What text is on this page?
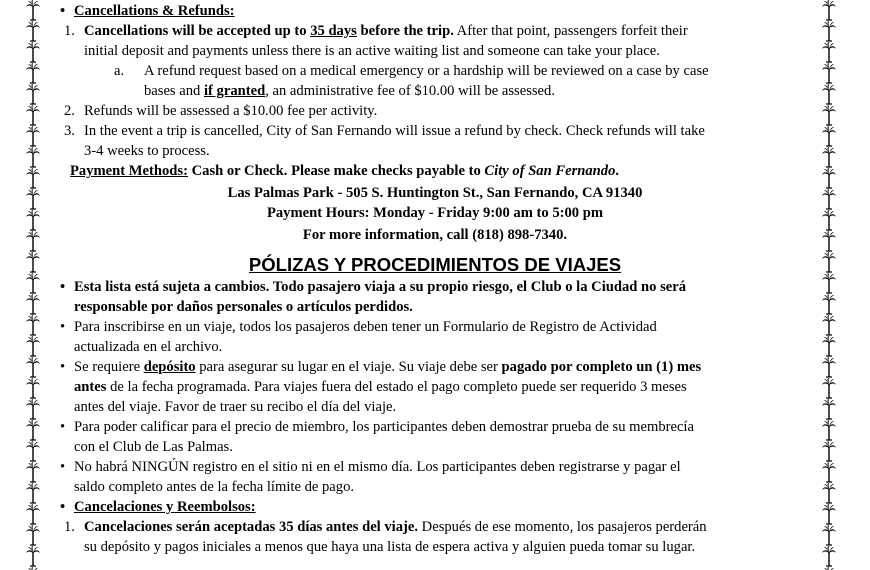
• Cancellations & Refunds:
1. Cancellations will be accepted up to 35 days before the trip. After that point, passengers forfeit their
initial deposit and payments unless there is an active waiting list and someone can take your place.
a. A refund request based on a medical emergency or a hardship will be reviewed on a case by case
bases and if granted, an administrative fee of $10.00 will be assessed.
2. Refunds will be assessed a $10.00 fee per activity.
3. In the event a trip is cancelled, City of San Fernando will issue a refund by check. Check refunds will take
3-4 weeks to process.
Payment Methods: Cash or Check. Please make checks payable to City of San Fernando.
Las Palmas Park - 505 S. Huntington St., San Fernando, CA 91340
Payment Hours: Monday - Friday 9:00 am to 5:00 pm
For more information, call (818) 898-7340.
PÓLIZAS Y PROCEDIMIENTOS DE VIAJES
• Esta lista está sujeta a cambios. Todo pasajero viaja a su propio riesgo, el Club o la Ciudad no será
responsable por daños personales o artículos perdidos.
• Para inscribirse en un viaje, todos los pasajeros deben tener un Formulario de Registro de Actividad
actualizada en el archivo.
• Se requiere depósito para asegurar su lugar en el viaje. Su viaje debe ser pagado por completo un (1) mes
antes de la fecha programada. Para viajes fuera del estado el pago completo puede ser requerido 3 meses
antes del viaje. Favor de traer su recibo el día del viaje.
• Para poder calificar para el precio de miembro, los participantes deben demostrar prueba de su membrecía
con el Club de Las Palmas.
• No habrá NINGÚN registro en el sitio ni en el mismo día. Los participantes deben registrarse y pagar el
saldo completo antes de la fecha límite de pago.
• Cancelaciones y Reembolsos:
1. Cancelaciones serán aceptadas 35 días antes del viaje. Después de ese momento, los pasajeros perderán
su depósito y pagos iniciales a menos que haya una lista de espera activa y alguien pueda tomar su lugar.
